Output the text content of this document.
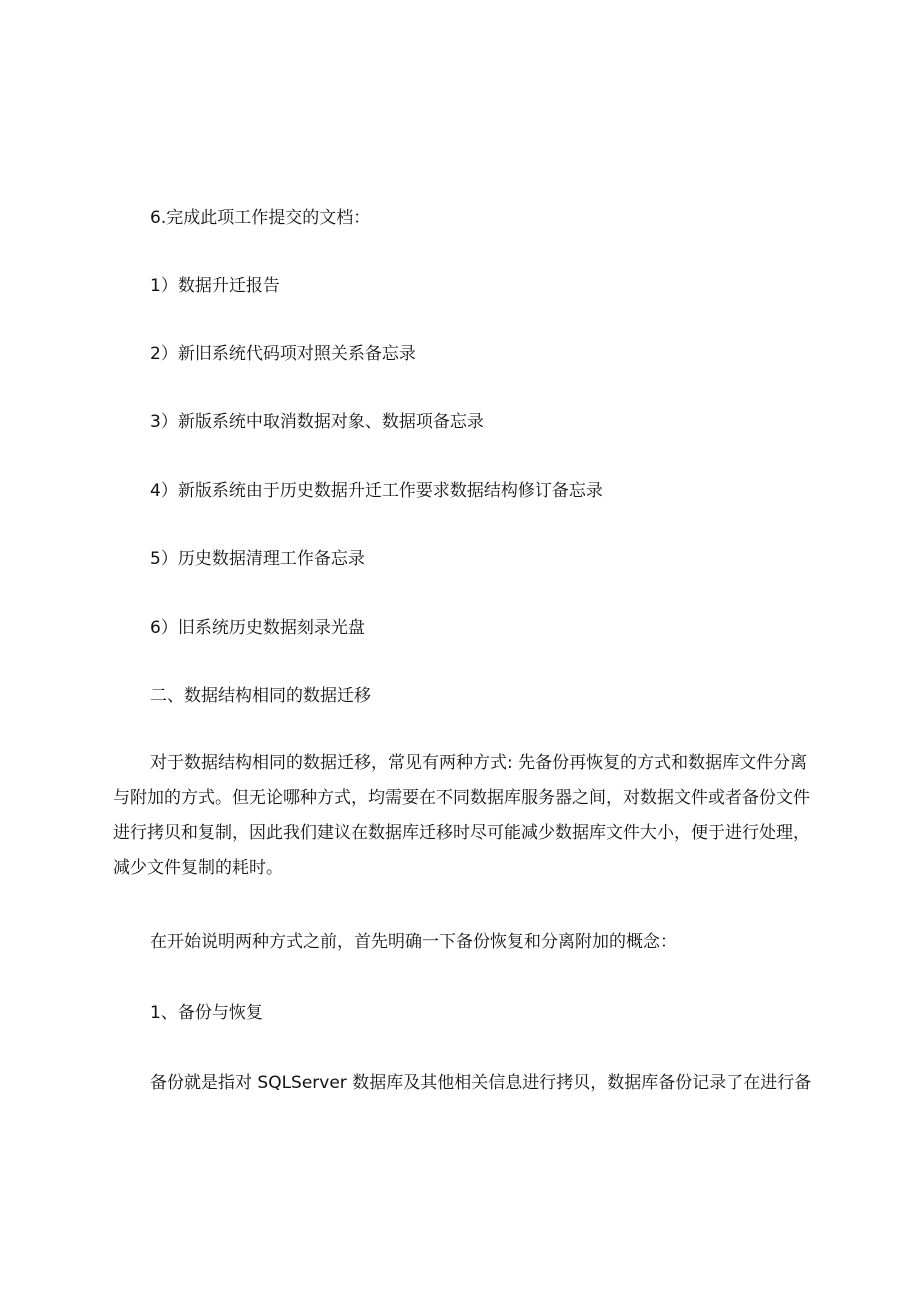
6.完成此项工作提交的文档：
1）数据升迁报告
2）新旧系统代码项对照关系备忘录
3）新版系统中取消数据对象、数据项备忘录
4）新版系统由于历史数据升迁工作要求数据结构修订备忘录
5）历史数据清理工作备忘录
6）旧系统历史数据刻录光盘
二、数据结构相同的数据迁移
对于数据结构相同的数据迁移，常见有两种方式: 先备份再恢复的方式和数据库文件分离
与附加的方式。但无论哪种方式，均需要在不同数据库服务器之间，对数据文件或者备份文件
进行拷贝和复制，因此我们建议在数据库迁移时尽可能减少数据库文件大小，便于进行处理，
减少文件复制的耗时。
在开始说明两种方式之前，首先明确一下备份恢复和分离附加的概念：
1、备份与恢复
备份就是指对 SQLServer 数据库及其他相关信息进行拷贝，数据库备份记录了在进行备
